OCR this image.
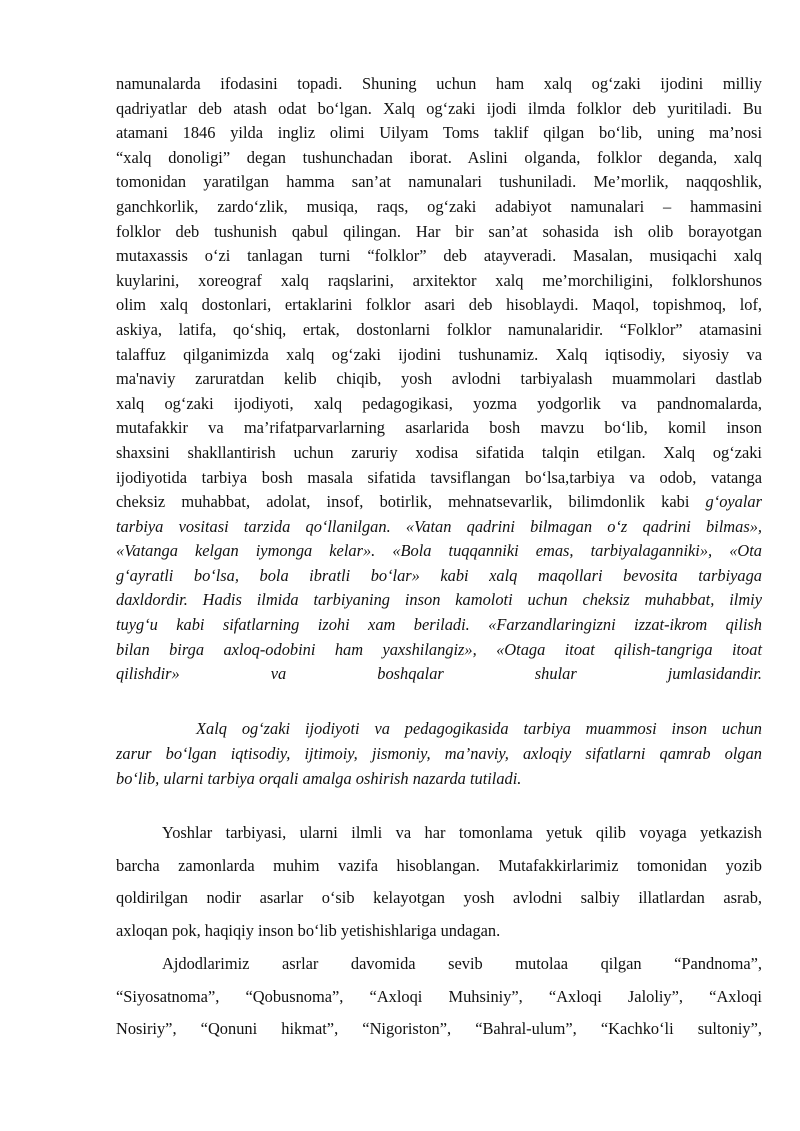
namunalarda ifodasini topadi. Shuning uchun ham xalq og‘zaki ijodini milliy
qadriyatlar deb atash odat bo‘lgan. Xalq og‘zaki ijodi ilmda folklor deb yuritiladi. Bu
atamani 1846 yilda ingliz olimi Uilyam Toms taklif qilgan bo‘lib, uning ma’nosi
“xalq donoligi” degan tushunchadan iborat. Aslini olganda, folklor deganda, xalq
tomonidan yaratilgan hamma san’at namunalari tushuniladi. Me’morlik, naqqoshlik,
ganchkorlik, zardo‘zlik, musiqa, raqs, og‘zaki adabiyot namunalari – hammasini
folklor deb tushunish qabul qilingan. Har bir san’at sohasida ish olib borayotgan
mutaxassis o‘zi tanlagan turni “folklor” deb atayveradi. Masalan, musiqachi xalq
kuylarini, xoreograf xalq raqslarini, arxitektor xalq me’morchiligini, folklorshunos
olim xalq dostonlari, ertaklarini folklor asari deb hisoblaydi. Maqol, topishmoq, lof,
askiya, latifa, qo‘shiq, ertak, dostonlarni folklor namunalaridir. “Folklor” atamasini
talaffuz qilganimizda xalq og‘zaki ijodini tushunamiz. Xalq iqtisodiy, siyosiy va
ma'naviy zaruratdan kelib chiqib, yosh avlodni tarbiyalash muammolari dastlab
xalq og‘zaki ijodiyoti, xalq pedagogikasi, yozma yodgorlik va pandnomalarda,
mutafakkir va ma’rifatparvarlarning asarlarida bosh mavzu bo‘lib, komil inson
shaxsini shakllantirish uchun zaruriy xodisa sifatida talqin etilgan. Xalq og‘zaki
ijodiyotida tarbiya bosh masala sifatida tavsiflangan bo‘lsa,tarbiya va odob, vatanga
cheksiz muhabbat, adolat, insof, botirlik, mehnatsevarlik, bilimdonlik kabi g‘oyalar
tarbiya vositasi tarzida qo‘llanilgan. «Vatan qadrini bilmagan o‘z qadrini bilmas»,
«Vatanga kelgan iymonga kelar». «Bola tuqqanniki emas, tarbiyalaganniki», «Ota
g‘ayratli bo‘lsa, bola ibratli bo‘lar» kabi xalq maqollari bevosita tarbiyaga
daxldordir. Hadis ilmida tarbiyaning inson kamoloti uchun cheksiz muhabbat, ilmiy
tuyg‘u kabi sifatlarning izohi xam beriladi. «Farzandlaringizni izzat-ikrom qilish
bilan birga axloq-odobini ham yaxshilangiz», «Otaga itoat qilish-tangriga itoat
qilishdir» va boshqalar shular jumlasidandir.
Xalq og‘zaki ijodiyoti va pedagogikasida tarbiya muammosi inson uchun
zarur bo‘lgan iqtisodiy, ijtimoiy, jismoniy, ma’naviy, axloqiy sifatlarni qamrab olgan
bo‘lib, ularni tarbiya orqali amalga oshirish nazarda tutiladi.
Yoshlar tarbiyasi, ularni ilmli va har tomonlama yetuk qilib voyaga yetkazish
barcha zamonlarda muhim vazifa hisoblangan. Mutafakkirlarimiz tomonidan yozib
qoldirilgan nodir asarlar o‘sib kelayotgan yosh avlodni salbiy illatlardan asrab,
axloqan pok, haqiqiy inson bo‘lib yetishishlariga undagan.
Ajdodlarimiz asrlar davomida sevib mutolaa qilgan “Pandnoma”,
“Siyosatnoma”, “Qobusnoma”, “Axloqi Muhsiniy”, “Axloqi Jaloliy”, “Axloqi
Nosiriy”, “Qonuni hikmat”, “Nigoriston”, “Bahral-ulum”, “Kachko‘li sultoniy”,
